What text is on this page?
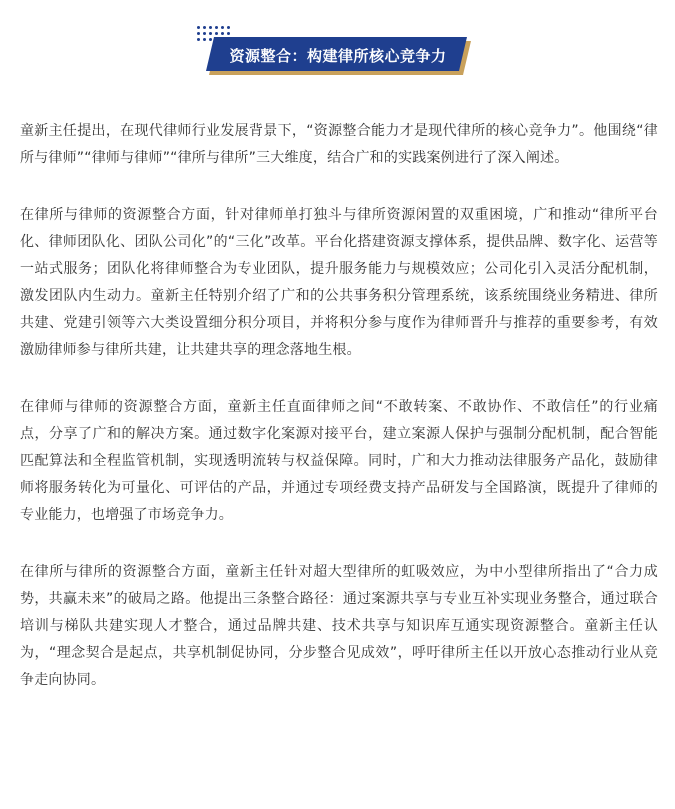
资源整合：构建律所核心竞争力

童新主任提出，在现代律师行业发展背景下，“资源整合能力才是现代律所的核心竞争力”。他围绕“律所与律师”“律师与律师”“律所与律所”三大维度，结合广和的实践案例进行了深入阐述。

在律所与律师的资源整合方面，针对律师单打独斗与律所资源闲置的双重困境，广和推动“律所平台化、律师团队化、团队公司化”的“三化”改革。平台化搭建资源支撑体系，提供品牌、数字化、运营等一站式服务；团队化将律师整合为专业团队，提升服务能力与规模效应；公司化引入灵活分配机制，激发团队内生动力。童新主任特别介绍了广和的公共事务积分管理系统，该系统围绕业务精进、律所共建、党建引领等六大类设置细分积分项目，并将积分参与度作为律师晋升与推荐的重要参考，有效激励律师参与律所共建，让共建共享的理念落地生根。

在律师与律师的资源整合方面，童新主任直面律师之间“不敢转案、不敢协作、不敢信任”的行业痛点，分享了广和的解决方案。通过数字化案源对接平台，建立案源人保护与强制分配机制，配合智能匹配算法和全程监管机制，实现透明流转与权益保障。同时，广和大力推动法律服务产品化，鼓励律师将服务转化为可量化、可评估的产品，并通过专项经费支持产品研发与全国路演，既提升了律师的专业能力，也增强了市场竞争力。

在律所与律所的资源整合方面，童新主任针对超大型律所的虹吸效应，为中小型律所指出了“合力成势，共赢未来”的破局之路。他提出三条整合路径：通过案源共享与专业互补实现业务整合，通过联合培训与梯队共建实现人才整合，通过品牌共建、技术共享与知识库互通实现资源整合。童新主任认为，“理念契合是起点，共享机制促协同，分步整合见成效”，呼吁律所主任以开放心态推动行业从竞争走向协同。
